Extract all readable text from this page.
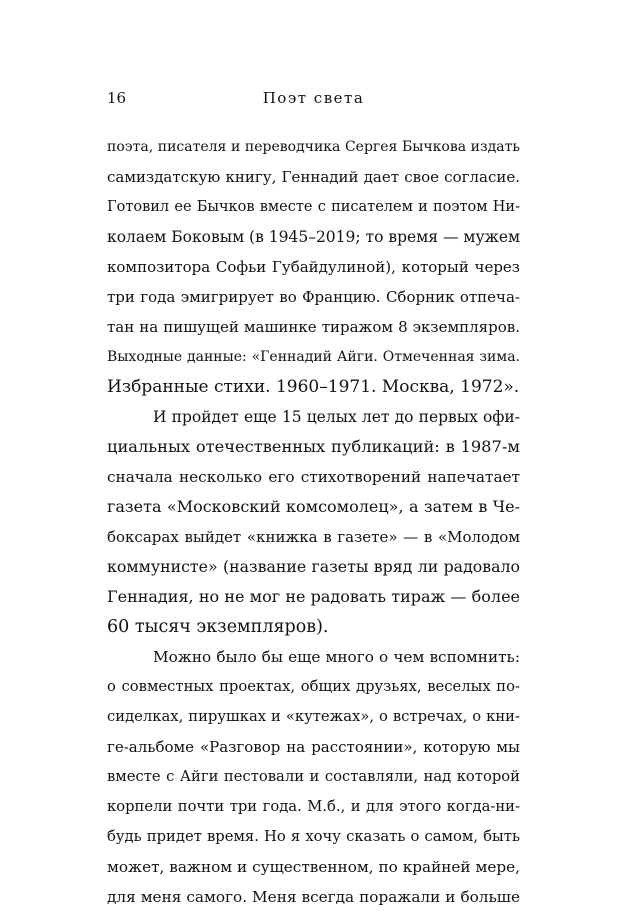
16	Поэт света
поэта, писателя и переводчика Сергея Бычкова издать
самиздатскую книгу, Геннадий дает свое согласие.
Готовил ее Бычков вместе с писателем и поэтом Ни-
колаем Боковым (в 1945–2019; то время — мужем
композитора Софьи Губайдулиной), который через
три года эмигрирует во Францию. Сборник отпеча-
тан на пишущей машинке тиражом 8 экземпляров.
Выходные данные: «Геннадий Айги. Отмеченная зима.
Избранные стихи. 1960–1971. Москва, 1972».
И пройдет еще 15 целых лет до первых офи-
циальных отечественных публикаций: в 1987-м
сначала несколько его стихотворений напечатает
газета «Московский комсомолец», а затем в Че-
боксарах выйдет «книжка в газете» — в «Молодом
коммунисте» (название газеты вряд ли радовало
Геннадия, но не мог не радовать тираж — более
60 тысяч экземпляров).
Можно было бы еще много о чем вспомнить:
о совместных проектах, общих друзьях, веселых по-
сиделках, пирушках и «кутежах», о встречах, о кни-
ге-альбоме «Разговор на расстоянии», которую мы
вместе с Айги пестовали и составляли, над которой
корпели почти три года. М.б., и для этого когда-ни-
будь придет время. Но я хочу сказать о самом, быть
может, важном и существенном, по крайней мере,
для меня самого. Меня всегда поражали и больше
